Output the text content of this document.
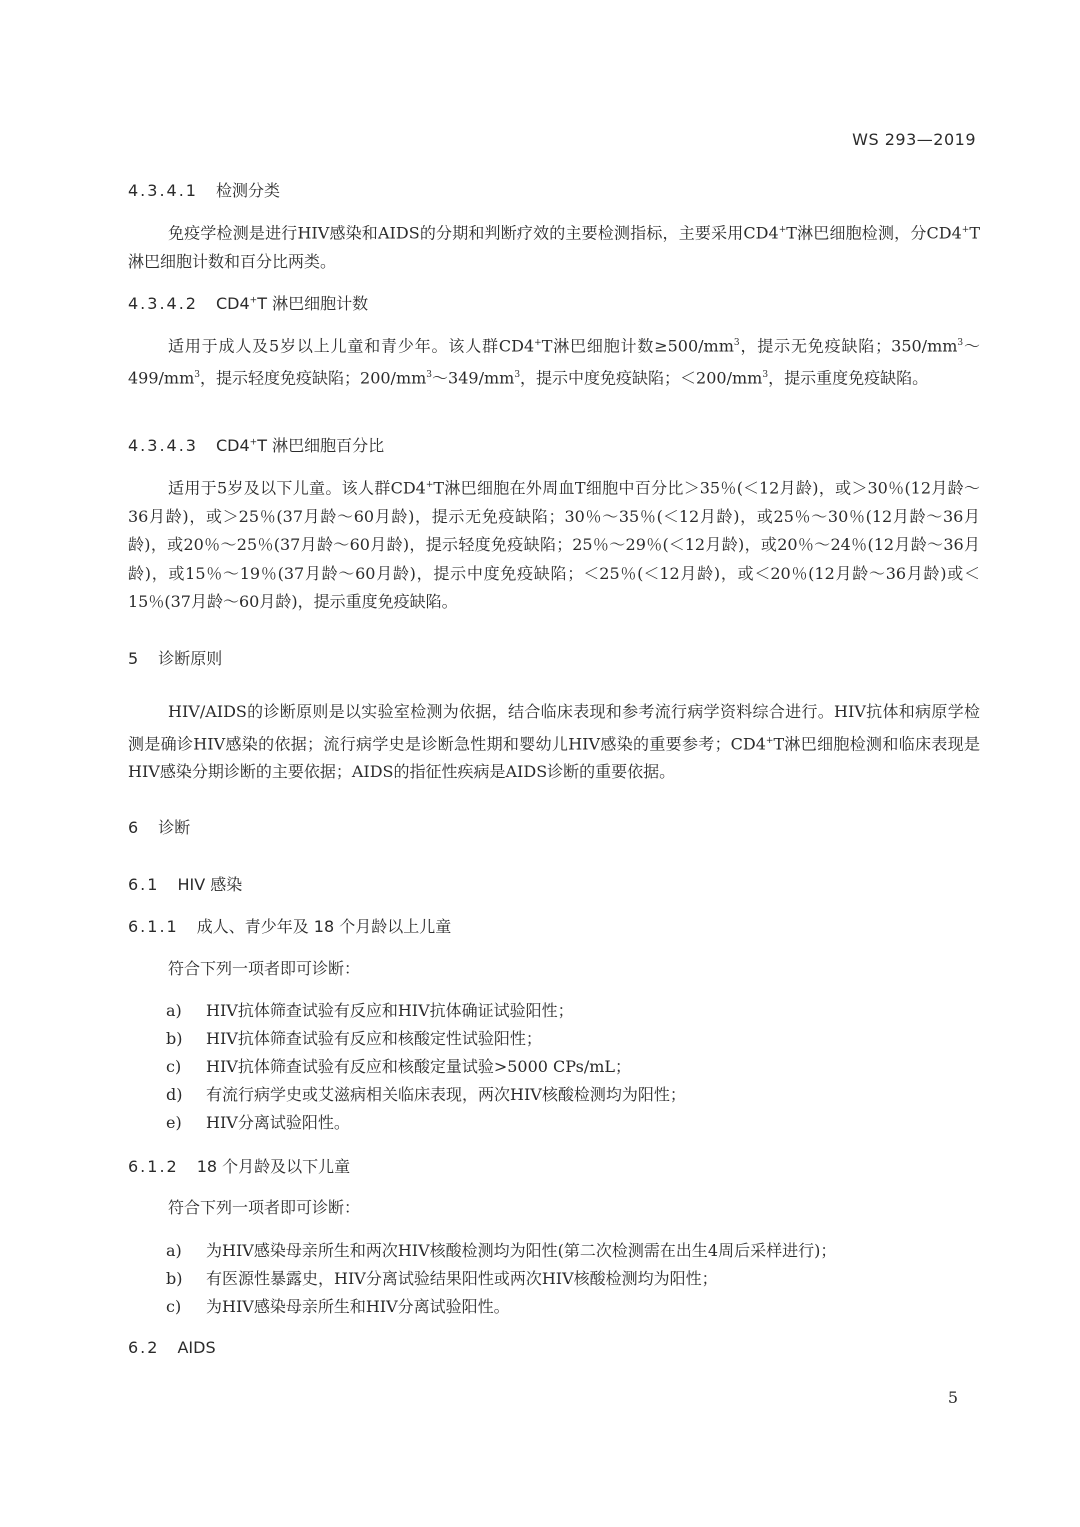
WS 293—2019

4.3.4.1 检测分类

免疫学检测是进行HIV感染和AIDS的分期和判断疗效的主要检测指标，主要采用CD4+T淋巴细胞检测，分CD4+T淋巴细胞计数和百分比两类。

4.3.4.2 CD4+T 淋巴细胞计数

适用于成人及5岁以上儿童和青少年。该人群CD4+T淋巴细胞计数$\ge 500/mm^3$，提示无免疫缺陷；$350/mm^3\sim 499/mm^3$，提示轻度免疫缺陷；$200/mm^3\sim 349/mm^3$，提示中度免疫缺陷；$<200/mm^3$，提示重度免疫缺陷。

4.3.4.3 CD4+T 淋巴细胞百分比

适用于5岁及以下儿童。该人群CD4+T淋巴细胞在外周血T细胞中百分比＞35％(＜12月龄)，或＞30％(12月龄～36月龄)，或＞25％(37月龄～60月龄)，提示无免疫缺陷；30％～35％(＜12月龄)，或25％～30％(12月龄～36月龄)，或20％～25％(37月龄～60月龄)，提示轻度免疫缺陷；25％～29％(＜12月龄)，或20％～24％(12月龄～36月龄)，或15％～19％(37月龄～60月龄)，提示中度免疫缺陷；＜25％(＜12月龄)，或＜20％(12月龄～36月龄)或＜15％(37月龄～60月龄)，提示重度免疫缺陷。

5 诊断原则

HIV/AIDS的诊断原则是以实验室检测为依据，结合临床表现和参考流行病学资料综合进行。HIV抗体和病原学检测是确诊HIV感染的依据；流行病学史是诊断急性期和婴幼儿HIV感染的重要参考；CD4+T淋巴细胞检测和临床表现是HIV感染分期诊断的主要依据；AIDS的指征性疾病是AIDS诊断的重要依据。

6 诊断

6.1 HIV 感染

6.1.1 成人、青少年及 18 个月龄以上儿童

符合下列一项者即可诊断：

a) HIV抗体筛查试验有反应和HIV抗体确证试验阳性；
b) HIV抗体筛查试验有反应和核酸定性试验阳性；
c) HIV抗体筛查试验有反应和核酸定量试验>5000 CPs/mL；
d) 有流行病学史或艾滋病相关临床表现，两次HIV核酸检测均为阳性；
e) HIV分离试验阳性。

6.1.2 18 个月龄及以下儿童

符合下列一项者即可诊断：

a) 为HIV感染母亲所生和两次HIV核酸检测均为阳性(第二次检测需在出生4周后采样进行)；
b) 有医源性暴露史，HIV分离试验结果阳性或两次HIV核酸检测均为阳性；
c) 为HIV感染母亲所生和HIV分离试验阳性。

6.2 AIDS

5
